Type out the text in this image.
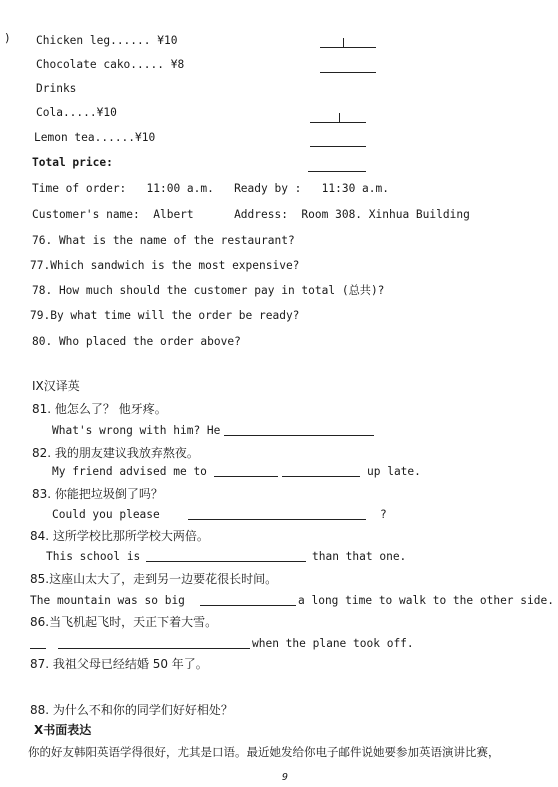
) Chicken leg...... ¥10
Chocolate cako..... ¥8
Drinks
Cola.....¥10
Lemon tea......¥10
Total price:
Time of order:   11:00 a.m.   Ready by :   11:30 a.m.
Customer's name:  Albert      Address:  Room 308. Xinhua Building
76. What is the name of the restaurant?
77.Which sandwich is the most expensive?
78. How much should the customer pay in total (总共)?
79.By what time will the order be ready?
80. Who placed the order above?
IX汉译英
81. 他怎么了？ 他牙疼。
What's wrong with him? He
82. 我的朋友建议我放弃熬夜。
My friend advised me to	up late.
83. 你能把垃圾倒了吗？
Could you please	?
84. 这所学校比那所学校大两倍。
This school is	than that one.
85.这座山太大了，走到另一边要花很长时间。
The mountain was so big	a long time to walk to the other side.
86.当飞机起飞时，天正下着大雪。
when the plane took off.
87. 我祖父母已经结婚 50 年了。
88. 为什么不和你的同学们好好相处？
X书面表达
你的好友韩阳英语学得很好，尤其是口语。最近她发给你电子邮件说她要参加英语演讲比赛，
9
